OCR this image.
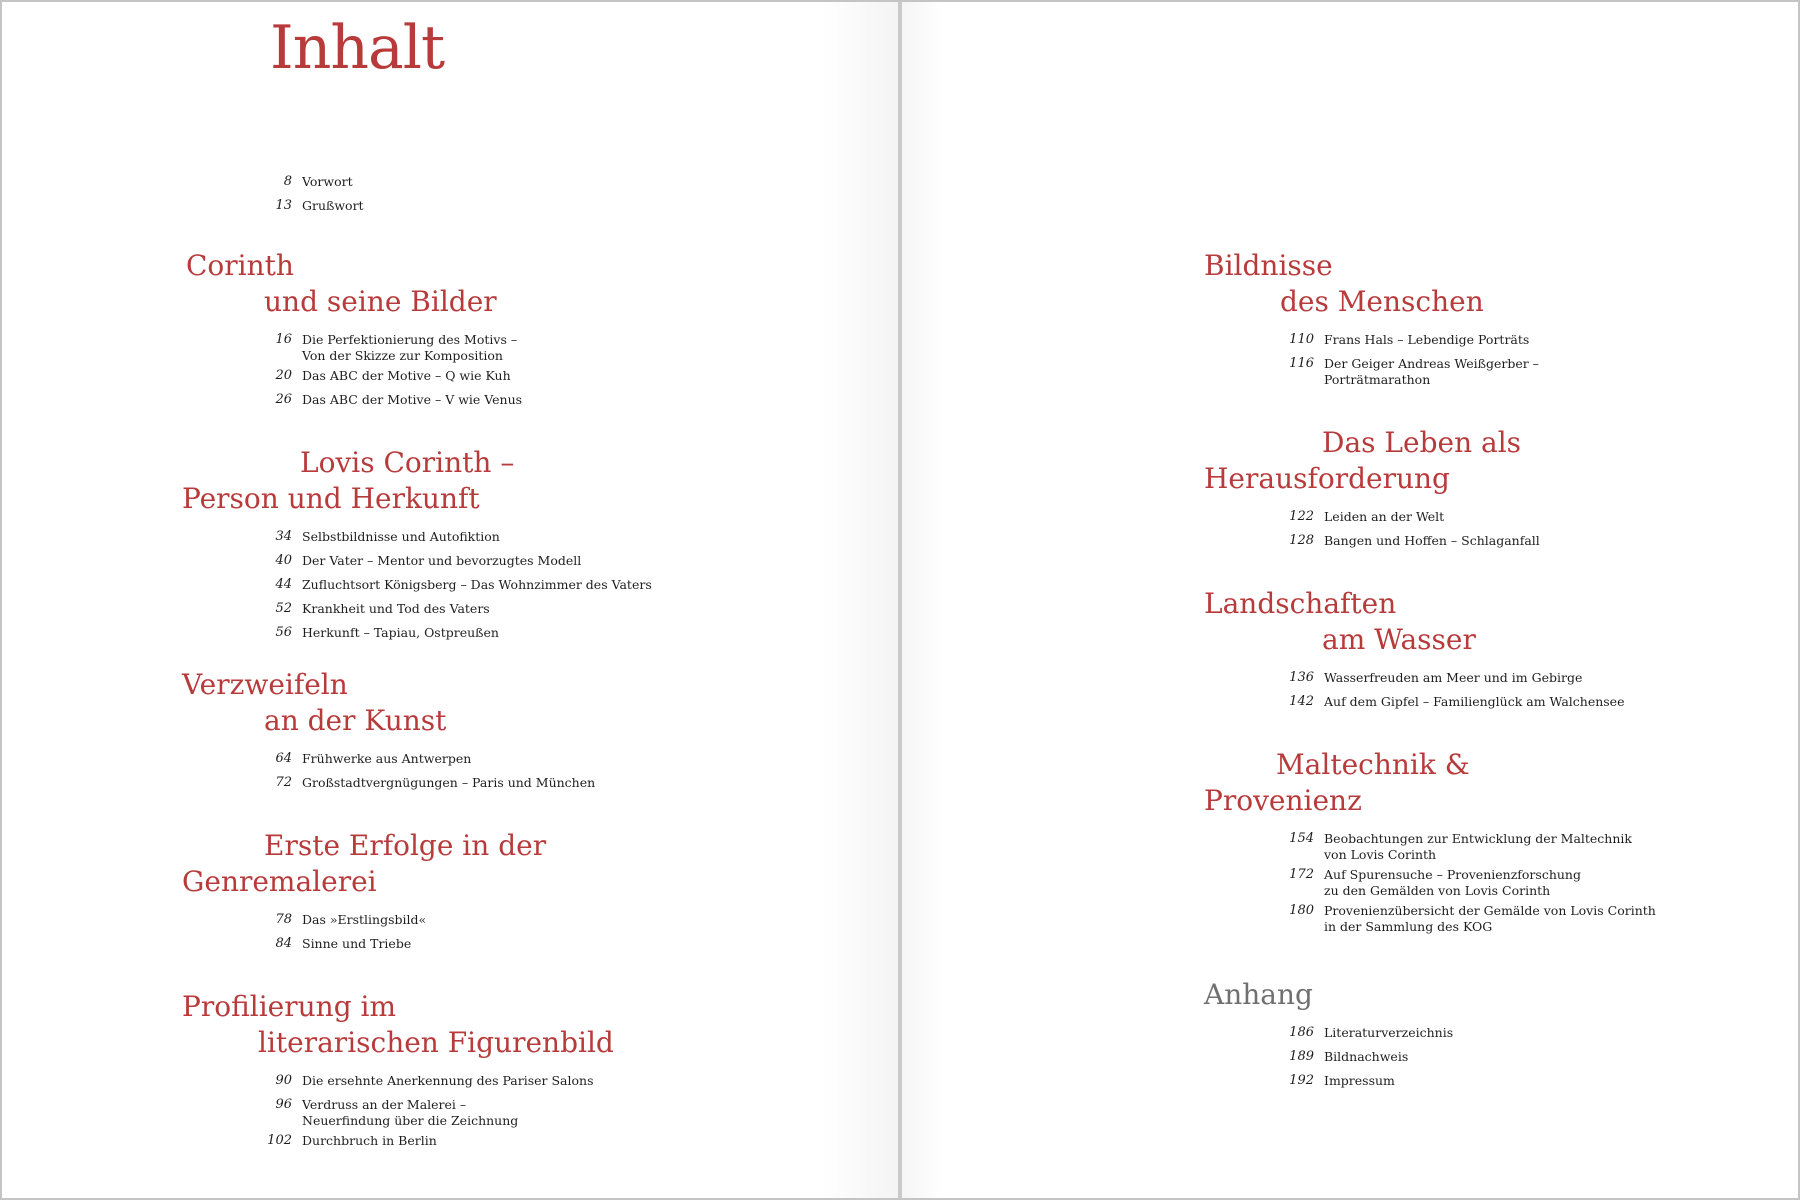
Inhalt
8 Vorwort
13 Grußwort
Corinth
und seine Bilder
16 Die Perfektionierung des Motivs –
Von der Skizze zur Komposition
20 Das ABC der Motive – Q wie Kuh
26 Das ABC der Motive – V wie Venus
Lovis Corinth –
Person und Herkunft
34 Selbstbildnisse und Autofiktion
40 Der Vater – Mentor und bevorzugtes Modell
44 Zufluchtsort Königsberg – Das Wohnzimmer des Vaters
52 Krankheit und Tod des Vaters
56 Herkunft – Tapiau, Ostpreußen
Verzweifeln
an der Kunst
64 Frühwerke aus Antwerpen
72 Großstadtvergnügungen – Paris und München
Erste Erfolge in der
Genremalerei
78 Das »Erstlingsbild«
84 Sinne und Triebe
Profilierung im
literarischen Figurenbild
90 Die ersehnte Anerkennung des Pariser Salons
96 Verdruss an der Malerei –
Neuerfindung über die Zeichnung
102 Durchbruch in Berlin
Bildnisse
des Menschen
110 Frans Hals – Lebendige Porträts
116 Der Geiger Andreas Weißgerber –
Porträtmarathon
Das Leben als
Herausforderung
122 Leiden an der Welt
128 Bangen und Hoffen – Schlaganfall
Landschaften
am Wasser
136 Wasserfreuden am Meer und im Gebirge
142 Auf dem Gipfel – Familienglück am Walchensee
Maltechnik &
Provenienz
154 Beobachtungen zur Entwicklung der Maltechnik
von Lovis Corinth
172 Auf Spurensuche – Provenienzforschung
zu den Gemälden von Lovis Corinth
180 Provenienzübersicht der Gemälde von Lovis Corinth
in der Sammlung des KOG
Anhang
186 Literaturverzeichnis
189 Bildnachweis
192 Impressum
